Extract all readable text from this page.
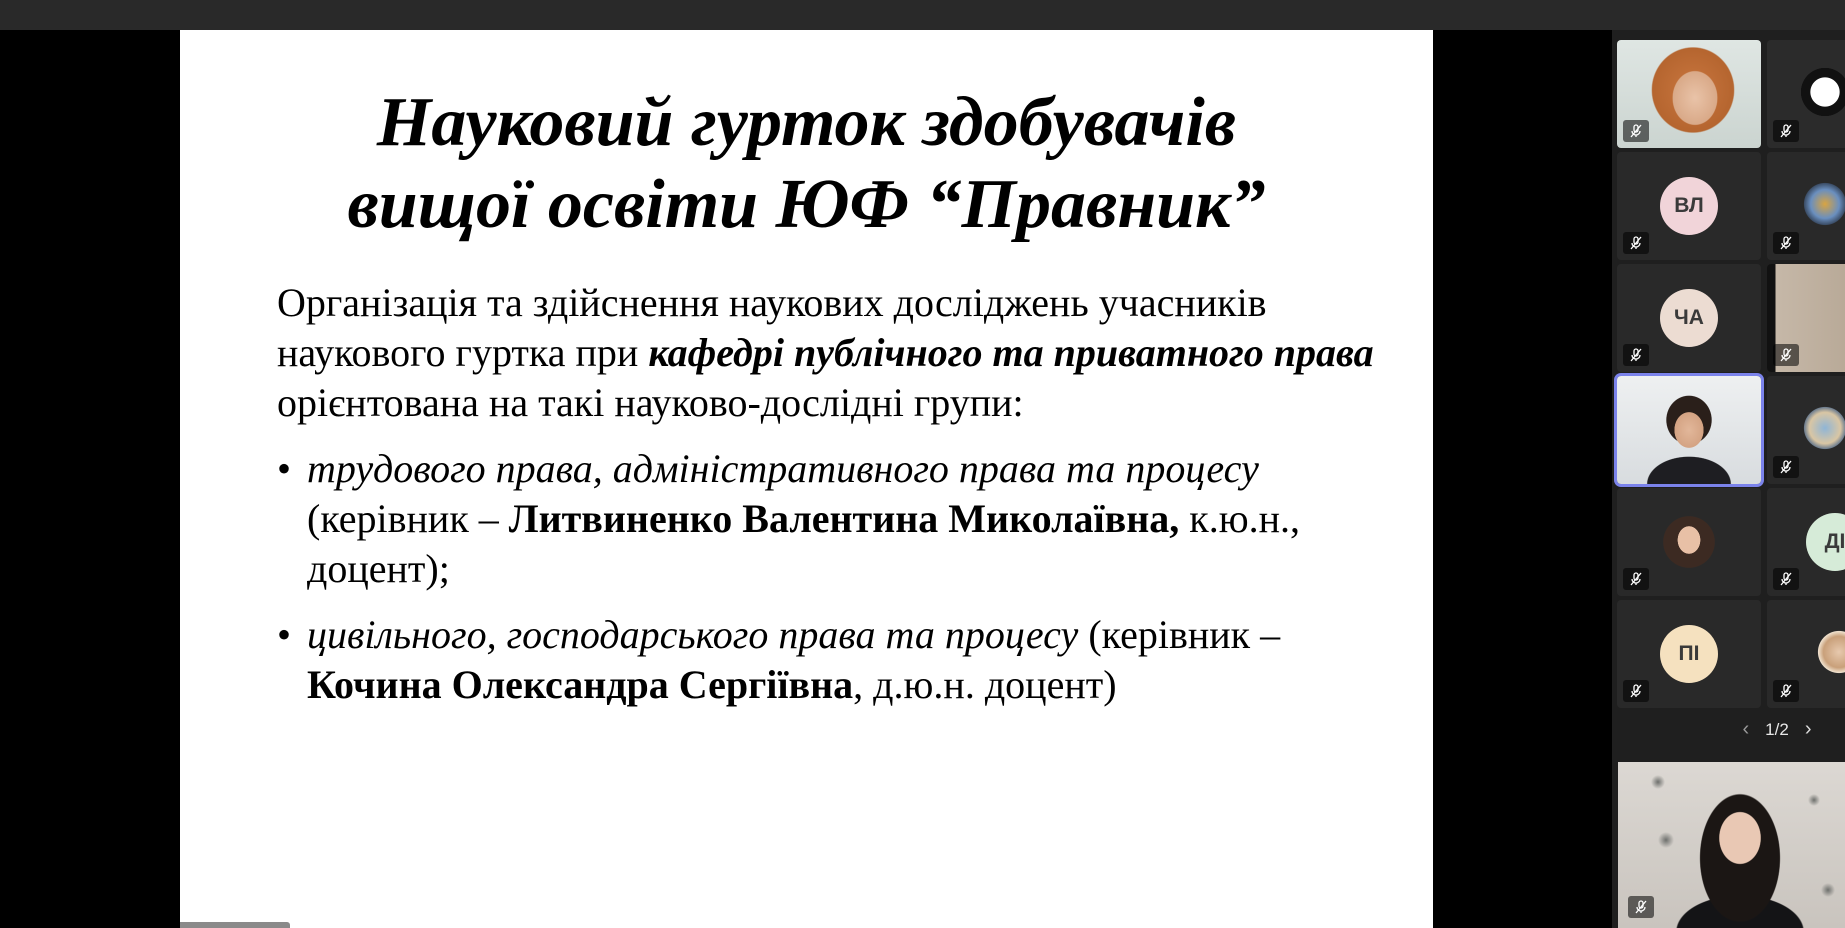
Науковий гурток здобувачів
вищої освіти ЮФ “Правник”

Організація та здійснення наукових досліджень учасників наукового гуртка при кафедрі публічного та приватного права орієнтована на такі науково-дослідні групи:

• трудового права, адміністративного права та процесу (керівник – Литвиненко Валентина Миколаївна, к.ю.н., доцент);
• цивільного, господарського права та процесу (керівник – Кочина Олександра Сергіївна, д.ю.н. доцент)
ВЛ
ЧА
ДІ
ПІ
‹ 1/2 ›
